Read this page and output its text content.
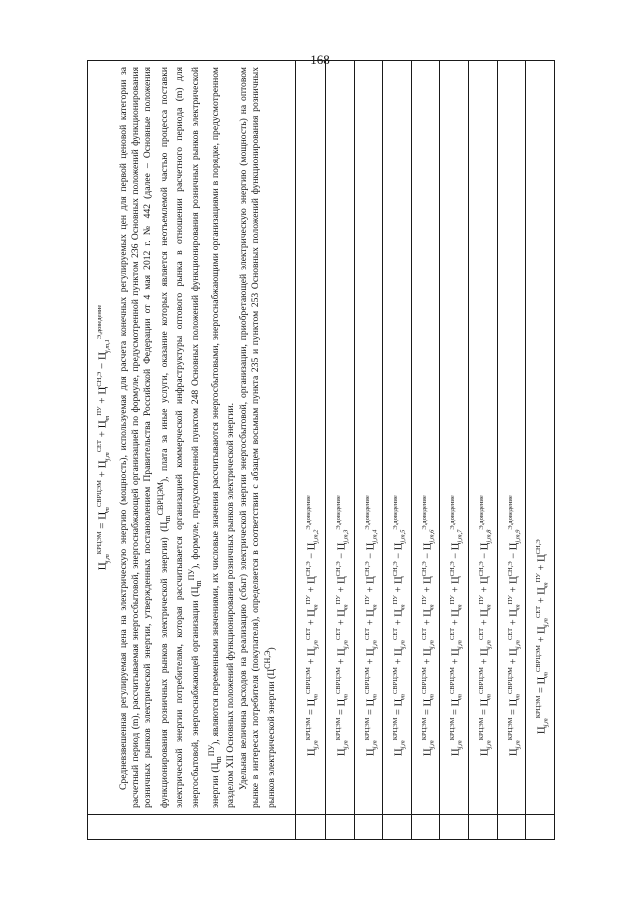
168

	$Ц_{j,m}^{КРЦЭМ} = Ц_m^{СВРЦЭМ} + Ц_{j,m}^{СЕТ} + Ц_m^{ПУ} + Ц^{СН,Э} - Ц_{j,m,1}^{Э,доведение}$ Средневзвешенная регулируемая цена на электрическую энергию (мощность), используемая для расчета конечных регулируемых цен для первой ценовой категории за расчетный период (m), рассчитываемая энергосбытовой, энергоснабжающей организацией по формуле, предусмотренной пунктом 236 Основных положений функционирования розничных рынков электрической энергии, утвержденных постановлением Правительства Российской Федерации от 4 мая 2012 г. № 442 (далее – Основные положения функционирования розничных рынков электрической энергии) $(Ц_m^{СВРЦЭМ})$, плата за иные услуги, оказание которых является неотъемлемой частью процесса поставки электрической энергии потребителям, которая рассчитывается организацией коммерческой инфраструктуры оптового рынка в отношении расчетного периода (m) для энергосбытовой, энергоснабжающей организации $(Ц_m^{ПУ})$, формуле, предусмотренной пунктом 248 Основных положений функционирования розничных рынков электрической энергии $(Ц_m^{ПУ})$, являются переменными значениями, их числовые значения рассчитываются энергосбытовыми, энергоснабжающими организациями в порядке, предусмотренном разделом XII Основных положений функционирования розничных рынков электрической энергии. Удельная величина расходов на реализацию (сбыт) электрической энергии энергосбытовой, организации, приобретающей электрическую энергию (мощность) на оптовом рынке в интересах потребителя (покупателя), определяется в соответствии с абзацем восьмым пункта 235 и пунктом 253 Основных положений функционирования розничных рынков электрической энергии $(Ц^{СН,Э})$

	$Ц_{j,m}^{КРЦЭМ} = Ц_m^{СВРЦЭМ} + Ц_{j,m}^{СЕТ} + Ц_m^{ПУ} + Ц^{СН,Э} - Ц_{j,m,2}^{Э,доведение}$

	$Ц_{j,m}^{КРЦЭМ} = Ц_m^{СВРЦЭМ} + Ц_{j,m}^{СЕТ} + Ц_m^{ПУ} + Ц^{СН,Э} - Ц_{j,m,3}^{Э,доведение}$

	$Ц_{j,m}^{КРЦЭМ} = Ц_m^{СВРЦЭМ} + Ц_{j,m}^{СЕТ} + Ц_m^{ПУ} + Ц^{СН,Э} - Ц_{j,m,4}^{Э,доведение}$

	$Ц_{j,m}^{КРЦЭМ} = Ц_m^{СВРЦЭМ} + Ц_{j,m}^{СЕТ} + Ц_m^{ПУ} + Ц^{СН,Э} - Ц_{j,m,5}^{Э,доведение}$

	$Ц_{j,m}^{КРЦЭМ} = Ц_m^{СВРЦЭМ} + Ц_{j,m}^{СЕТ} + Ц_m^{ПУ} + Ц^{СН,Э} - Ц_{j,m,6}^{Э,доведение}$

	$Ц_{j,m}^{КРЦЭМ} = Ц_m^{СВРЦЭМ} + Ц_{j,m}^{СЕТ} + Ц_m^{ПУ} + Ц^{СН,Э} - Ц_{j,m,7}^{Э,доведение}$

	$Ц_{j,m}^{КРЦЭМ} = Ц_m^{СВРЦЭМ} + Ц_{j,m}^{СЕТ} + Ц_m^{ПУ} + Ц^{СН,Э} - Ц_{j,m,8}^{Э,доведение}$

	$Ц_{j,m}^{КРЦЭМ} = Ц_m^{СВРЦЭМ} + Ц_{j,m}^{СЕТ} + Ц_m^{ПУ} + Ц^{СН,Э} - Ц_{j,m,9}^{Э,доведение}$

	$Ц_{j,m}^{КРЦЭМ} = Ц_m^{СВРЦЭМ} + Ц_{j,m}^{СЕТ} + Ц_m^{ПУ} + Ц^{СН,Э}$
